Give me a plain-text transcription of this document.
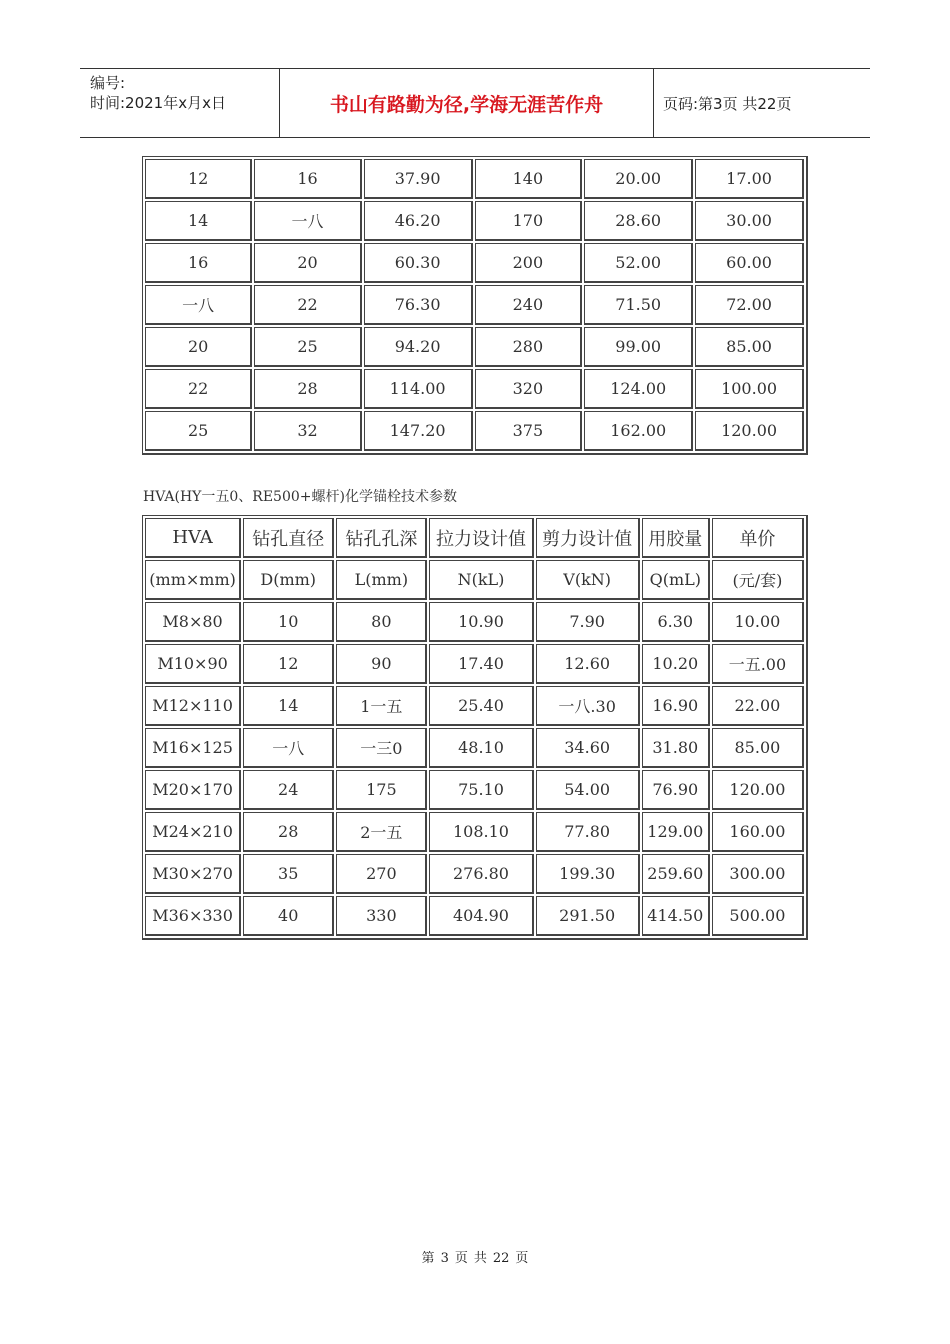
编号:
时间:2021年x月x日	书山有路勤为径,学海无涯苦作舟	页码:第3页 共22页
12	16	37.90	140	20.00	17.00
14	一八	46.20	170	28.60	30.00
16	20	60.30	200	52.00	60.00
一八	22	76.30	240	71.50	72.00
20	25	94.20	280	99.00	85.00
22	28	114.00	320	124.00	100.00
25	32	147.20	375	162.00	120.00
HVA(HY一五0、RE500+螺杆)化学锚栓技术参数
HVA	钻孔直径	钻孔孔深	拉力设计值	剪力设计值	用胶量	单价
(mm×mm)	D(mm)	L(mm)	N(kL)	V(kN)	Q(mL)	(元/套)
M8×80	10	80	10.90	7.90	6.30	10.00
M10×90	12	90	17.40	12.60	10.20	一五.00
M12×110	14	1一五	25.40	一八.30	16.90	22.00
M16×125	一八	一三0	48.10	34.60	31.80	85.00
M20×170	24	175	75.10	54.00	76.90	120.00
M24×210	28	2一五	108.10	77.80	129.00	160.00
M30×270	35	270	276.80	199.30	259.60	300.00
M36×330	40	330	404.90	291.50	414.50	500.00
第 3 页 共 22 页
